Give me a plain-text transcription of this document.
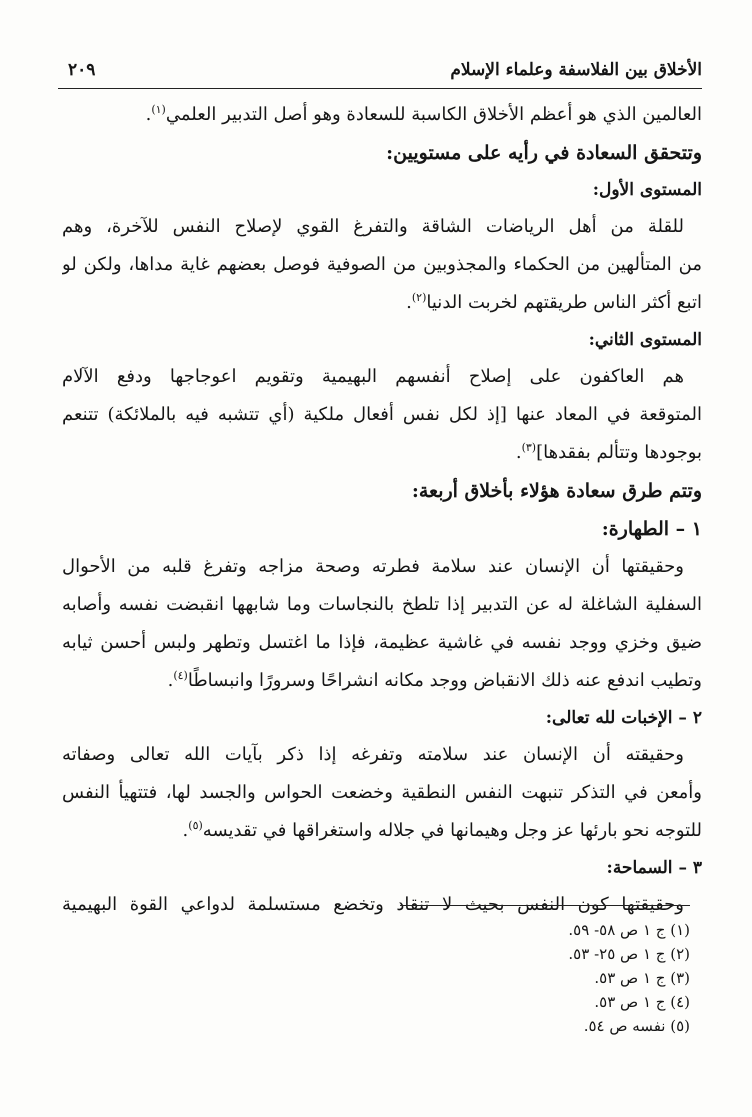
الأخلاق بين الفلاسفة وعلماء الإسلام
٢٠٩
العالمين الذي هو أعظم الأخلاق الكاسبة للسعادة وهو أصل التدبير العلمي$^{(١)}$.
وتتحقق السعادة في رأيه على مستويين:
المستوى الأول:
للقلة من أهل الرياضات الشاقة والتفرغ القوي لإصلاح النفس للآخرة، وهم
من المتألهين من الحكماء والمجذوبين من الصوفية فوصل بعضهم غاية مداها، ولكن لو
اتبع أكثر الناس طريقتهم لخربت الدنيا$^{(٢)}$.
المستوى الثاني:
هم العاكفون على إصلاح أنفسهم البهيمية وتقويم اعوجاجها ودفع الآلام
المتوقعة في المعاد عنها [إذ لكل نفس أفعال ملكية (أي تتشبه فيه بالملائكة) تتنعم
بوجودها وتتألم بفقدها]$^{(٣)}$.
وتتم طرق سعادة هؤلاء بأخلاق أربعة:
١ – الطهارة:
وحقيقتها أن الإنسان عند سلامة فطرته وصحة مزاجه وتفرغ قلبه من الأحوال
السفلية الشاغلة له عن التدبير إذا تلطخ بالنجاسات وما شابهها انقبضت نفسه وأصابه
ضيق وخزي ووجد نفسه في غاشية عظيمة، فإذا ما اغتسل وتطهر ولبس أحسن ثيابه
وتطيب اندفع عنه ذلك الانقباض ووجد مكانه انشراحًا وسرورًا وانبساطًا$^{(٤)}$.
٢ – الإخبات لله تعالى:
وحقيقته أن الإنسان عند سلامته وتفرغه إذا ذكر بآيات الله تعالى وصفاته
وأمعن في التذكر تنبهت النفس النطقية وخضعت الحواس والجسد لها، فتتهيأ النفس
للتوجه نحو بارئها عز وجل وهيمانها في جلاله واستغراقها في تقديسه$^{(٥)}$.
٣ – السماحة:
وحقيقتها كون النفس بحيث لا تنقاد وتخضع مستسلمة لدواعي القوة البهيمية
(١) ج ١ ص ٥٨- ٥٩.
(٢) ج ١ ص ٢٥- ٥٣.
(٣) ج ١ ص ٥٣.
(٤) ج ١ ص ٥٣.
(٥) نفسه ص ٥٤.
